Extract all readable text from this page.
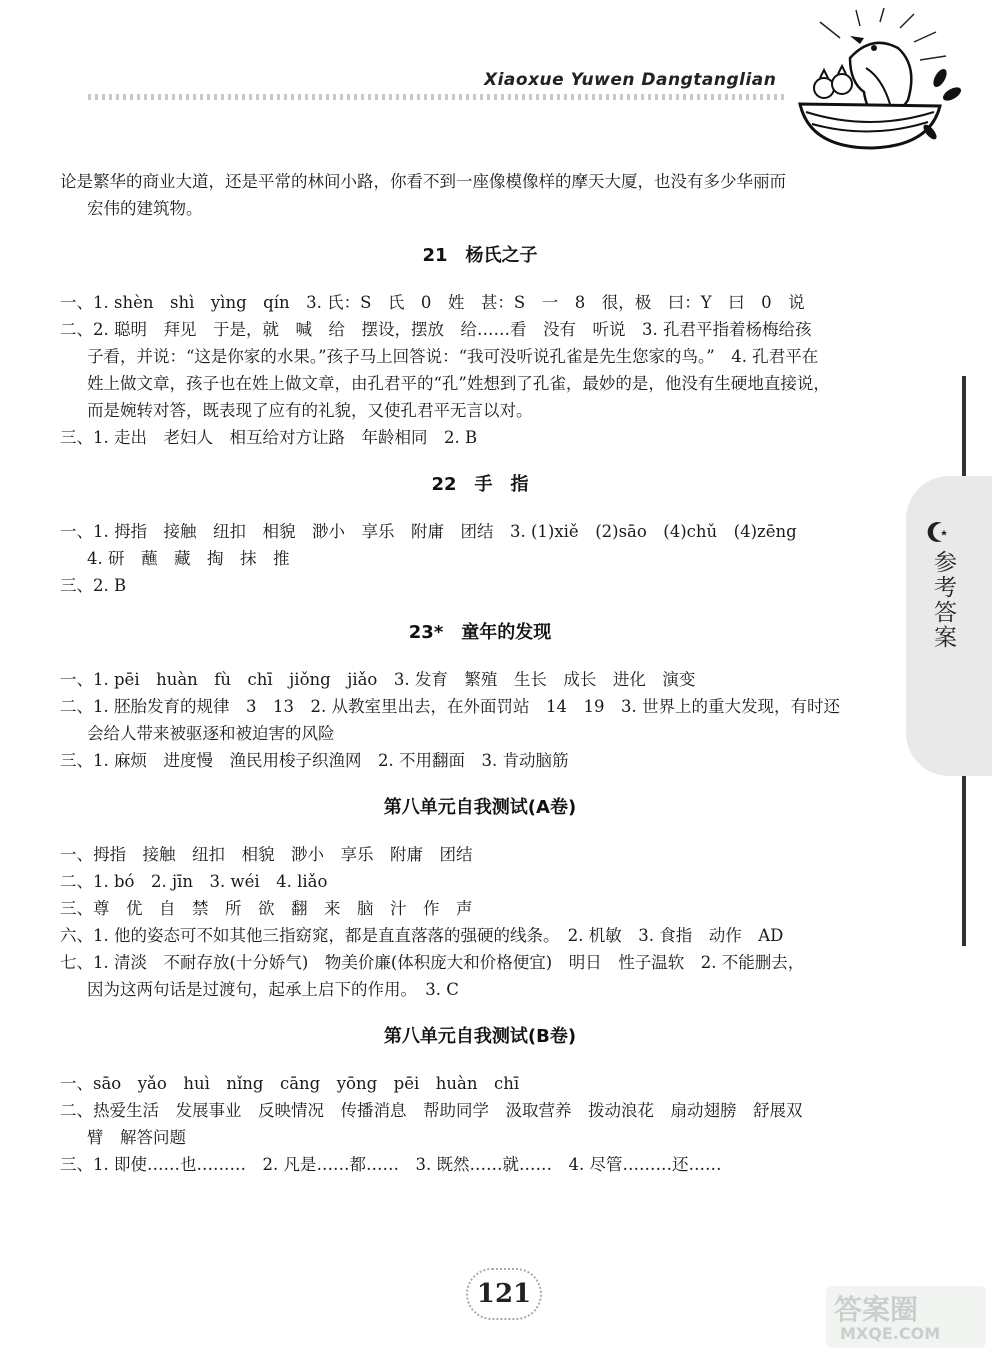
Xiaoxue Yuwen Dangtanglian
参考答案
论是繁华的商业大道，还是平常的林间小路，你看不到一座像模像样的摩天大厦，也没有多少华丽而
宏伟的建筑物。
21　杨氏之子
一、1. shèn　shì　yìng　qín　3. 氏：S　氏　0　姓　甚：S　一　8　很，极　曰：Y　曰　0　说
二、2. 聪明　拜见　于是，就　喊　给　摆设，摆放　给……看　没有　听说　3. 孔君平指着杨梅给孩
子看，并说：“这是你家的水果。”孩子马上回答说：“我可没听说孔雀是先生您家的鸟。”　4. 孔君平在
姓上做文章，孩子也在姓上做文章，由孔君平的“孔”姓想到了孔雀，最妙的是，他没有生硬地直接说，
而是婉转对答，既表现了应有的礼貌，又使孔君平无言以对。
三、1. 走出　老妇人　相互给对方让路　年龄相同　2. B
22　手　指
一、1. 拇指　接触　纽扣　相貌　渺小　享乐　附庸　团结　3. (1)xiě　(2)sāo　(4)chǔ　(4)zēng
4. 研　蘸　藏　掏　抹　推
三、2. B
23*　童年的发现
一、1. pēi　huàn　fù　chī　jiǒng　jiǎo　3. 发育　繁殖　生长　成长　进化　演变
二、1. 胚胎发育的规律　3　13　2. 从教室里出去，在外面罚站　14　19　3. 世界上的重大发现，有时还
会给人带来被驱逐和被迫害的风险
三、1. 麻烦　进度慢　渔民用梭子织渔网　2. 不用翻面　3. 肯动脑筋
第八单元自我测试(A卷)
一、拇指　接触　纽扣　相貌　渺小　享乐　附庸　团结
二、1. bó　2. jīn　3. wéi　4. liǎo
三、尊　优　自　禁　所　欲　翻　来　脑　汁　作　声
六、1. 他的姿态可不如其他三指窈窕，都是直直落落的强硬的线条。　2. 机敏　3. 食指　动作　AD
七、1. 清淡　不耐存放(十分娇气)　物美价廉(体积庞大和价格便宜)　明日　性子温软　2. 不能删去，
因为这两句话是过渡句，起承上启下的作用。　3. C
第八单元自我测试(B卷)
一、sāo　yǎo　huì　nǐng　cāng　yōng　pēi　huàn　chī
二、热爱生活　发展事业　反映情况　传播消息　帮助同学　汲取营养　拨动浪花　扇动翅膀　舒展双
臂　解答问题
三、1. 即使……也………　2. 凡是……都……　3. 既然……就……　4. 尽管………还……
121	答案圈
MXQE.COM
